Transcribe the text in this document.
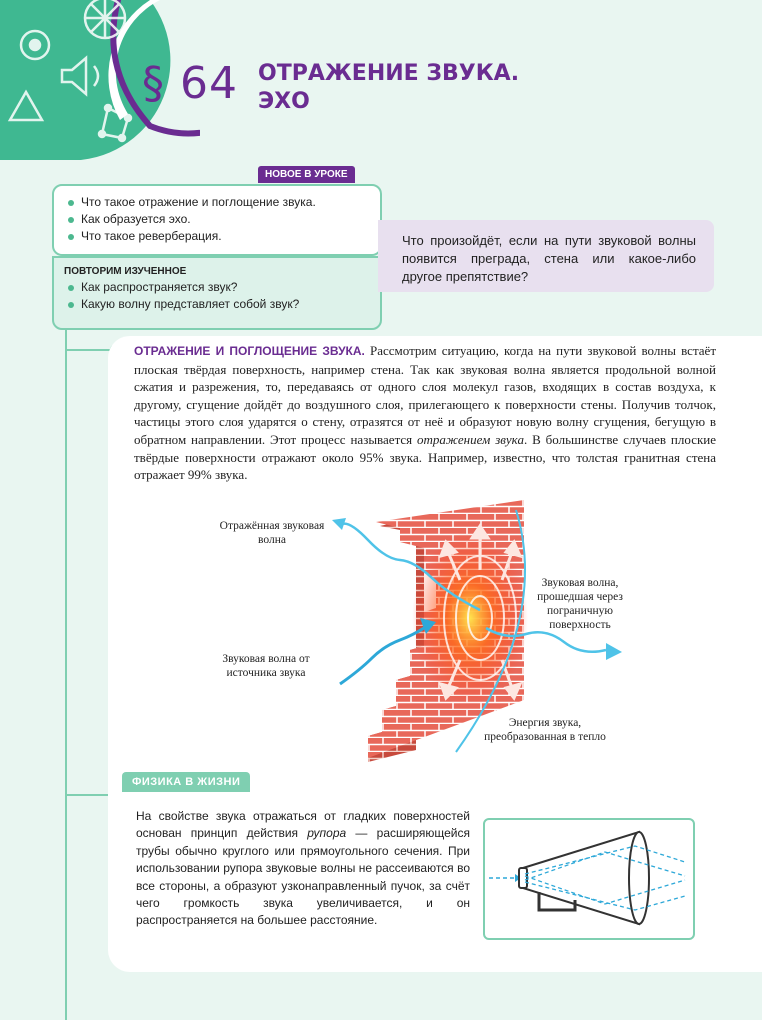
§ 64 ОТРАЖЕНИЕ ЗВУКА.
ЭХО
НОВОЕ В УРОКЕ
Что такое отражение и поглощение звука.
Как образуется эхо.
Что такое реверберация.
ПОВТОРИМ ИЗУЧЕННОЕ
Как распространяется звук?
Какую волну представляет собой звук?
Что произойдёт, если на пути звуковой волны появится преграда, стена или какое-либо другое препятствие?
ОТРАЖЕНИЕ И ПОГЛОЩЕНИЕ ЗВУКА. Рассмотрим ситуацию, когда на пути звуковой волны встаёт плоская твёрдая поверхность, например стена. Так как звуковая волна является продольной волной сжатия и разрежения, то, передаваясь от одного слоя молекул газов, входящих в состав воздуха, к другому, сгущение дойдёт до воздушного слоя, прилегающего к поверхности стены. Получив толчок, частицы этого слоя ударятся о стену, отразятся от неё и образуют новую волну сгущения, бегущую в обратном направлении. Этот процесс называется отражением звука. В большинстве случаев плоские твёрдые поверхности отражают около 95% звука. Например, известно, что толстая гранитная стена отражает 99% звука.
Отражённая звуковая волна
Звуковая волна, прошедшая через пограничную поверхность
Звуковая волна от источника звука
Энергия звука, преобразованная в тепло
ФИЗИКА В ЖИЗНИ
На свойстве звука отражаться от гладких поверхностей основан принцип действия рупора — расширяющейся трубы обычно круглого или прямоугольного сечения. При использовании рупора звуковые волны не рассеиваются во все стороны, а образуют узконаправленный пучок, за счёт чего громкость звука увеличивается, и он распространяется на большее расстояние.
